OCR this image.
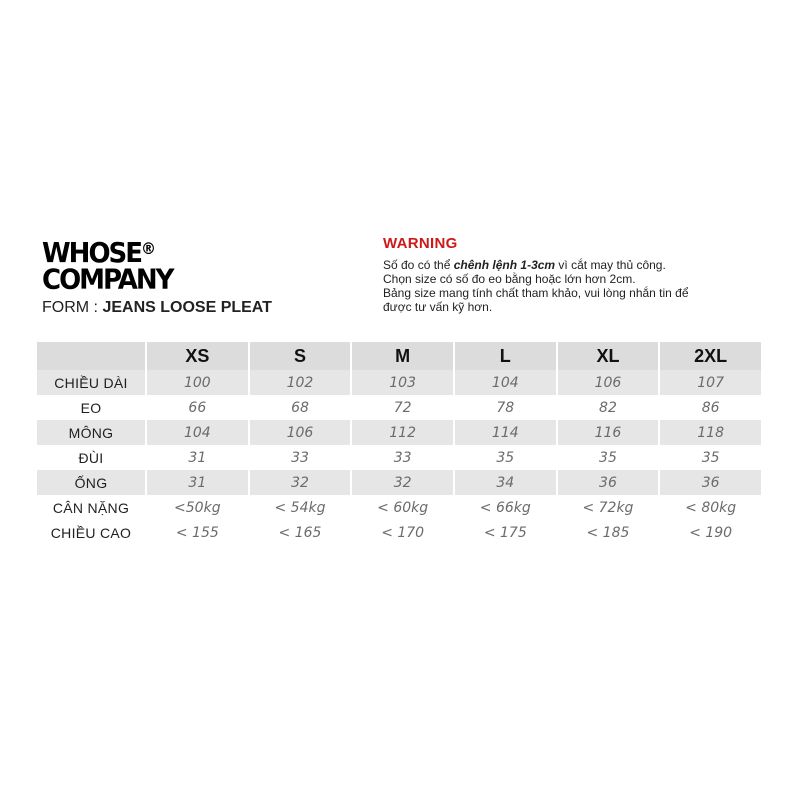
WHOSE®
COMPANY
FORM : JEANS LOOSE PLEAT
WARNING
Số đo có thể chênh lệnh 1-3cm vì cắt may thủ công.
Chọn size có số đo eo bằng hoặc lớn hơn 2cm.
Bảng size mang tính chất tham khảo, vui lòng nhắn tin để
được tư vấn kỹ hơn.
	XS	S	M	L	XL	2XL
CHIỀU DÀI	100	102	103	104	106	107
EO	66	68	72	78	82	86
MÔNG	104	106	112	114	116	118
ĐÙI	31	33	33	35	35	35
ỐNG	31	32	32	34	36	36
CÂN NẶNG	<50kg	< 54kg	< 60kg	< 66kg	< 72kg	< 80kg
CHIỀU CAO	< 155	< 165	< 170	< 175	< 185	< 190
